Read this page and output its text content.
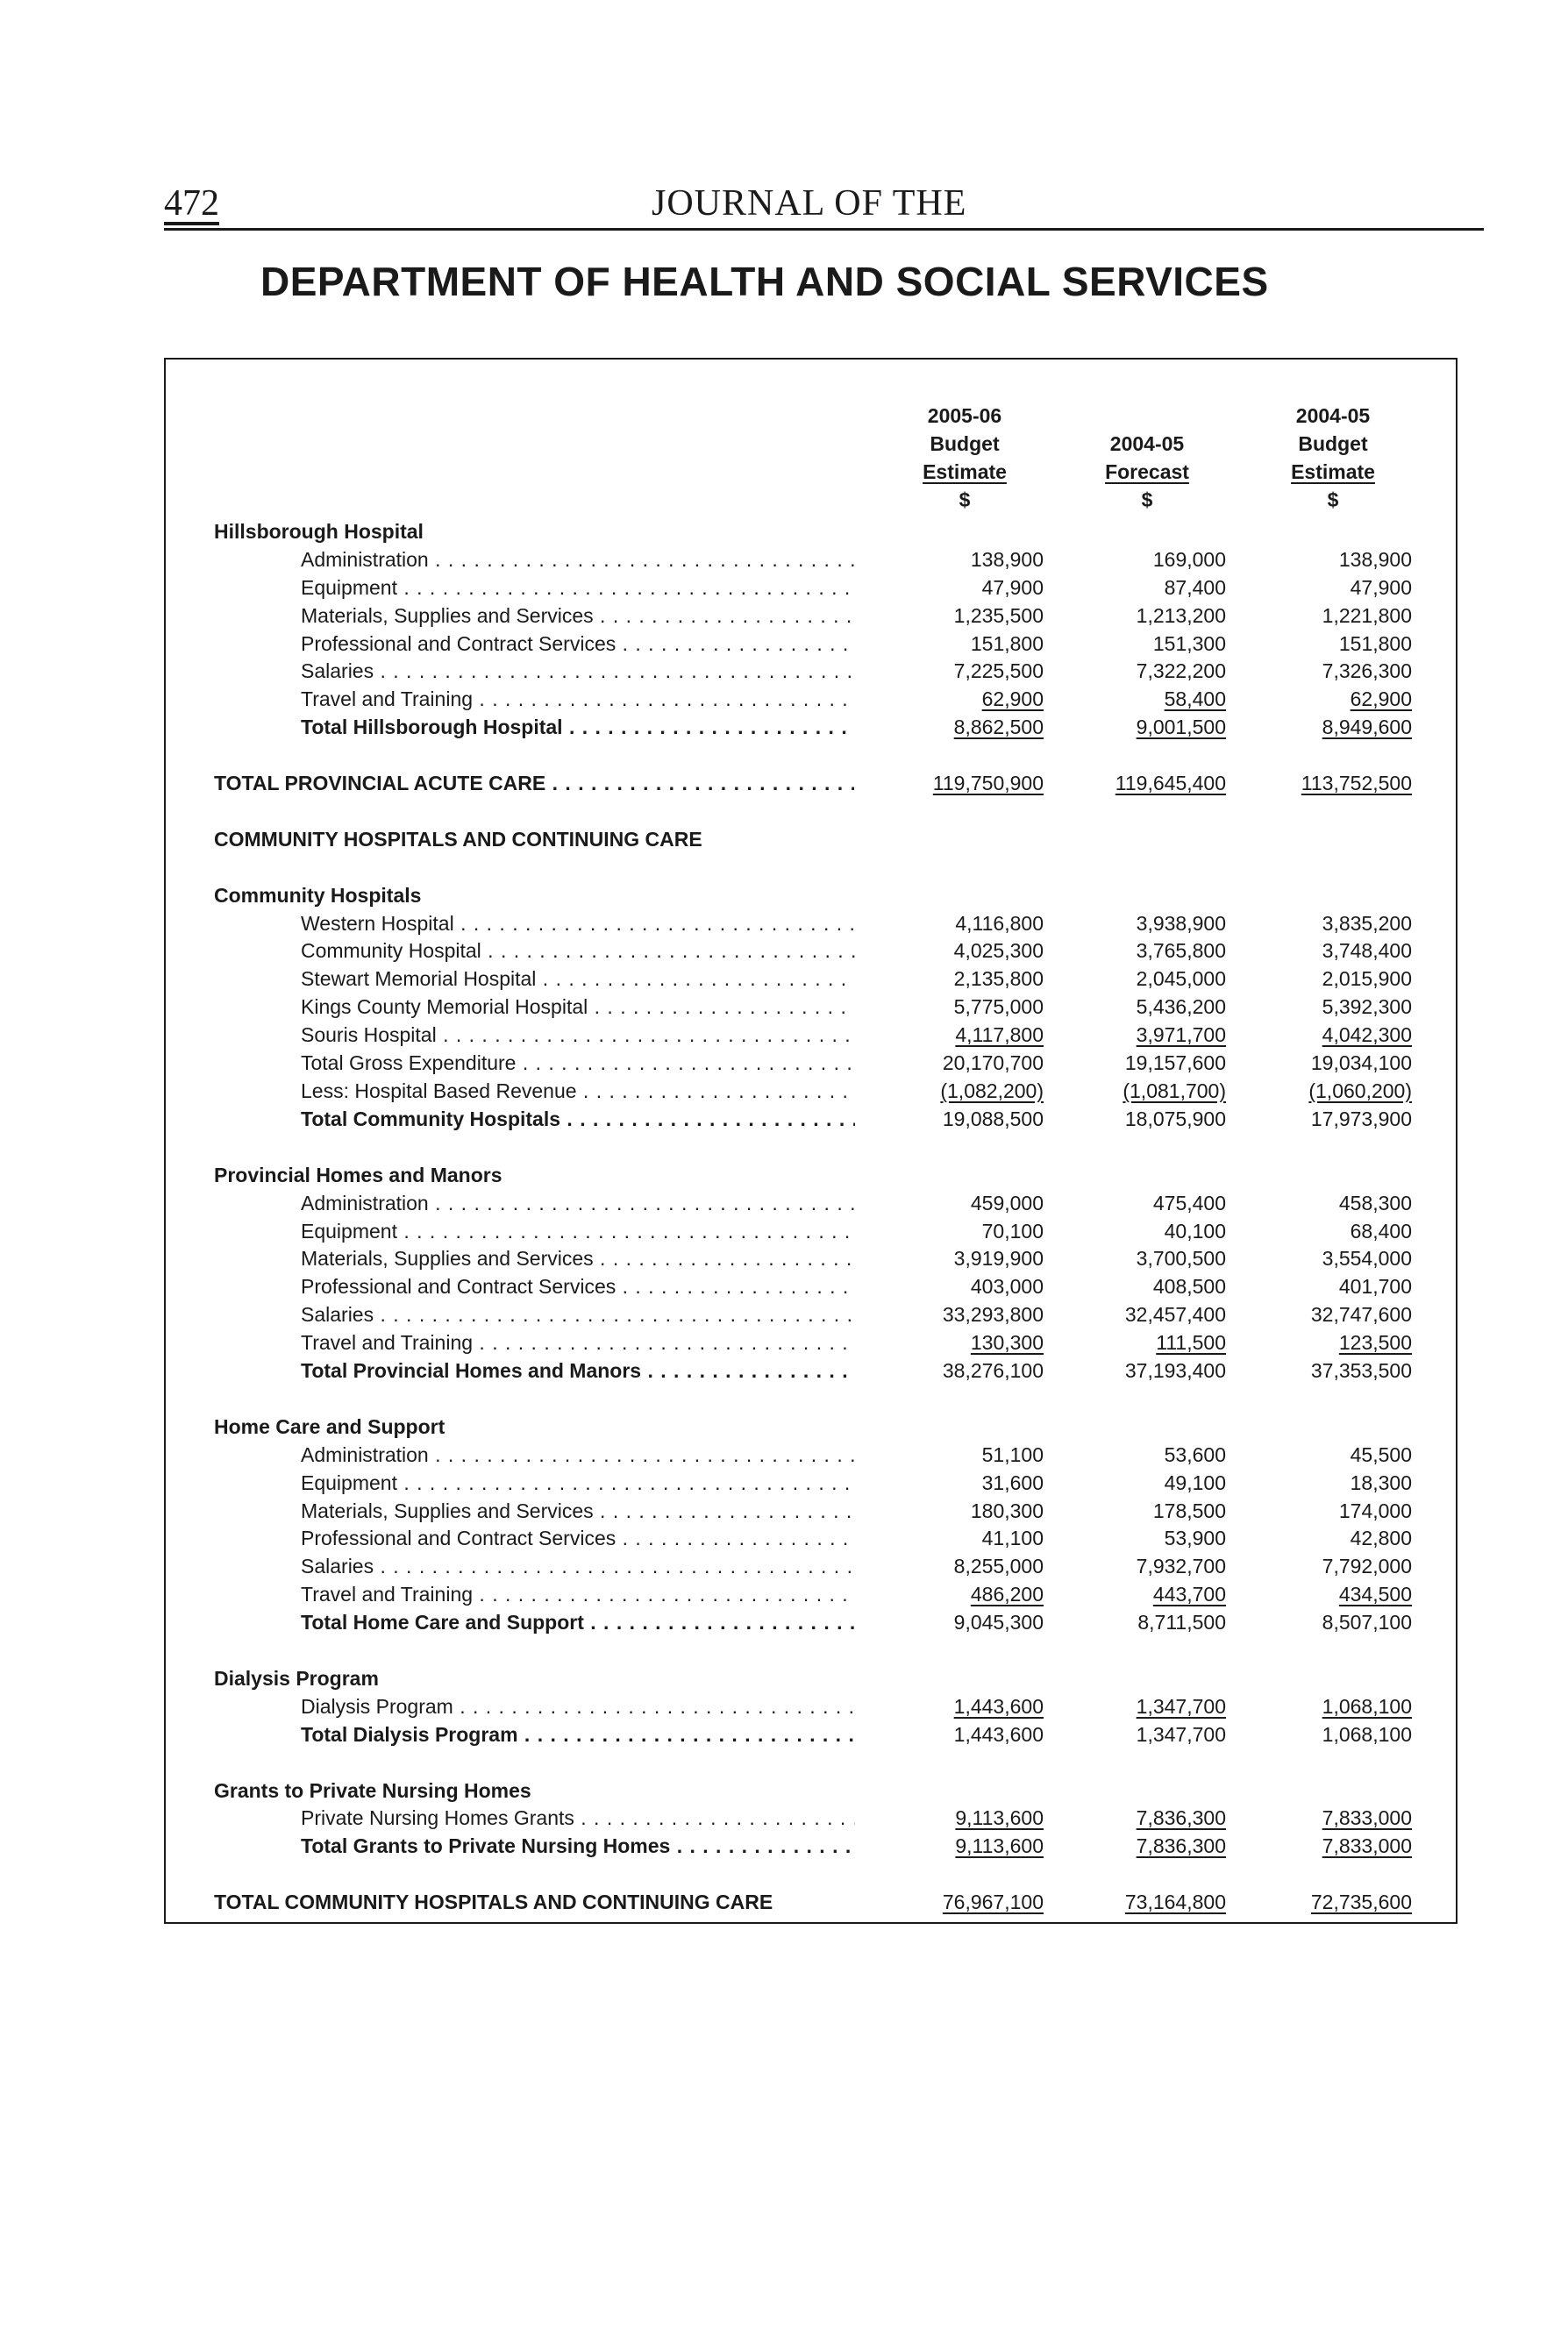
472	JOURNAL OF THE
DEPARTMENT OF HEALTH AND SOCIAL SERVICES
2005-06
Budget
Estimate
$
2004-05
Forecast
$
2004-05
Budget
Estimate
$
Hillsborough Hospital
Administration . . .	138,900	169,000	138,900
Equipment . . .	47,900	87,400	47,900
Materials, Supplies and Services . . .	1,235,500	1,213,200	1,221,800
Professional and Contract Services . . .	151,800	151,300	151,800
Salaries . . .	7,225,500	7,322,200	7,326,300
Travel and Training . . .	62,900	58,400	62,900
Total Hillsborough Hospital . . .	8,862,500	9,001,500	8,949,600
TOTAL PROVINCIAL ACUTE CARE . . .	119,750,900	119,645,400	113,752,500
COMMUNITY HOSPITALS AND CONTINUING CARE
Community Hospitals
Western Hospital . . .	4,116,800	3,938,900	3,835,200
Community Hospital . . .	4,025,300	3,765,800	3,748,400
Stewart Memorial Hospital . . .	2,135,800	2,045,000	2,015,900
Kings County Memorial Hospital . . .	5,775,000	5,436,200	5,392,300
Souris Hospital . . .	4,117,800	3,971,700	4,042,300
Total Gross Expenditure . . .	20,170,700	19,157,600	19,034,100
Less: Hospital Based Revenue . . .	(1,082,200)	(1,081,700)	(1,060,200)
Total Community Hospitals . . .	19,088,500	18,075,900	17,973,900
Provincial Homes and Manors
Administration . . .	459,000	475,400	458,300
Equipment . . .	70,100	40,100	68,400
Materials, Supplies and Services . . .	3,919,900	3,700,500	3,554,000
Professional and Contract Services . . .	403,000	408,500	401,700
Salaries . . .	33,293,800	32,457,400	32,747,600
Travel and Training . . .	130,300	111,500	123,500
Total Provincial Homes and Manors . . .	38,276,100	37,193,400	37,353,500
Home Care and Support
Administration . . .	51,100	53,600	45,500
Equipment . . .	31,600	49,100	18,300
Materials, Supplies and Services . . .	180,300	178,500	174,000
Professional and Contract Services . . .	41,100	53,900	42,800
Salaries . . .	8,255,000	7,932,700	7,792,000
Travel and Training . . .	486,200	443,700	434,500
Total Home Care and Support . . .	9,045,300	8,711,500	8,507,100
Dialysis Program
Dialysis Program . . .	1,443,600	1,347,700	1,068,100
Total Dialysis Program . . .	1,443,600	1,347,700	1,068,100
Grants to Private Nursing Homes
Private Nursing Homes Grants . . .	9,113,600	7,836,300	7,833,000
Total Grants to Private Nursing Homes . . .	9,113,600	7,836,300	7,833,000
TOTAL COMMUNITY HOSPITALS AND CONTINUING CARE	76,967,100	73,164,800	72,735,600
